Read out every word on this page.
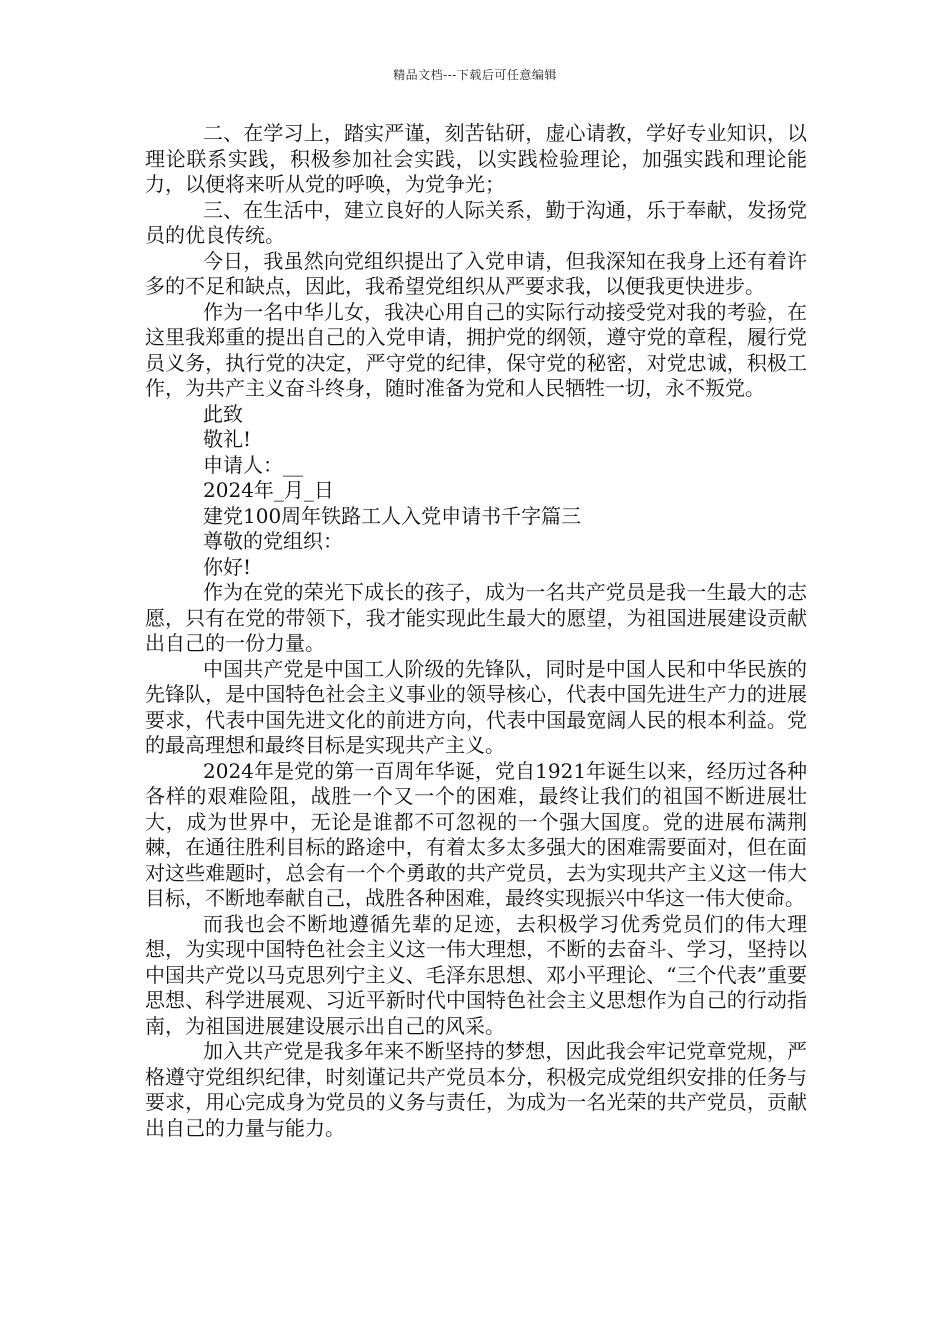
精品文档---下载后可任意编辑

二、在学习上，踏实严谨，刻苦钻研，虚心请教，学好专业知识，以理论联系实践，积极参加社会实践，以实践检验理论，加强实践和理论能力，以便将来听从党的呼唤，为党争光；

三、在生活中，建立良好的人际关系，勤于沟通，乐于奉献，发扬党员的优良传统。

今日，我虽然向党组织提出了入党申请，但我深知在我身上还有着许多的不足和缺点，因此，我希望党组织从严要求我，以便我更快进步。

作为一名中华儿女，我决心用自己的实际行动接受党对我的考验，在这里我郑重的提出自己的入党申请，拥护党的纲领，遵守党的章程，履行党员义务，执行党的决定，严守党的纪律，保守党的秘密，对党忠诚，积极工作，为共产主义奋斗终身，随时准备为党和人民牺牲一切，永不叛党。

此致

敬礼!

申请人：__

2024年_月_日

建党100周年铁路工人入党申请书千字篇三

尊敬的党组织：

你好!

作为在党的荣光下成长的孩子，成为一名共产党员是我一生最大的志愿，只有在党的带领下，我才能实现此生最大的愿望，为祖国进展建设贡献出自己的一份力量。

中国共产党是中国工人阶级的先锋队，同时是中国人民和中华民族的先锋队，是中国特色社会主义事业的领导核心，代表中国先进生产力的进展要求，代表中国先进文化的前进方向，代表中国最宽阔人民的根本利益。党的最高理想和最终目标是实现共产主义。

2024年是党的第一百周年华诞，党自1921年诞生以来，经历过各种各样的艰难险阻，战胜一个又一个的困难，最终让我们的祖国不断进展壮大，成为世界中，无论是谁都不可忽视的一个强大国度。党的进展布满荆棘，在通往胜利目标的路途中，有着太多太多强大的困难需要面对，但在面对这些难题时，总会有一个个勇敢的共产党员，去为实现共产主义这一伟大目标，不断地奉献自己，战胜各种困难，最终实现振兴中华这一伟大使命。

而我也会不断地遵循先辈的足迹，去积极学习优秀党员们的伟大理想，为实现中国特色社会主义这一伟大理想，不断的去奋斗、学习，坚持以中国共产党以马克思列宁主义、毛泽东思想、邓小平理论、“三个代表”重要思想、科学进展观、习近平新时代中国特色社会主义思想作为自己的行动指南，为祖国进展建设展示出自己的风采。

加入共产党是我多年来不断坚持的梦想，因此我会牢记党章党规，严格遵守党组织纪律，时刻谨记共产党员本分，积极完成党组织安排的任务与要求，用心完成身为党员的义务与责任，为成为一名光荣的共产党员，贡献出自己的力量与能力。
